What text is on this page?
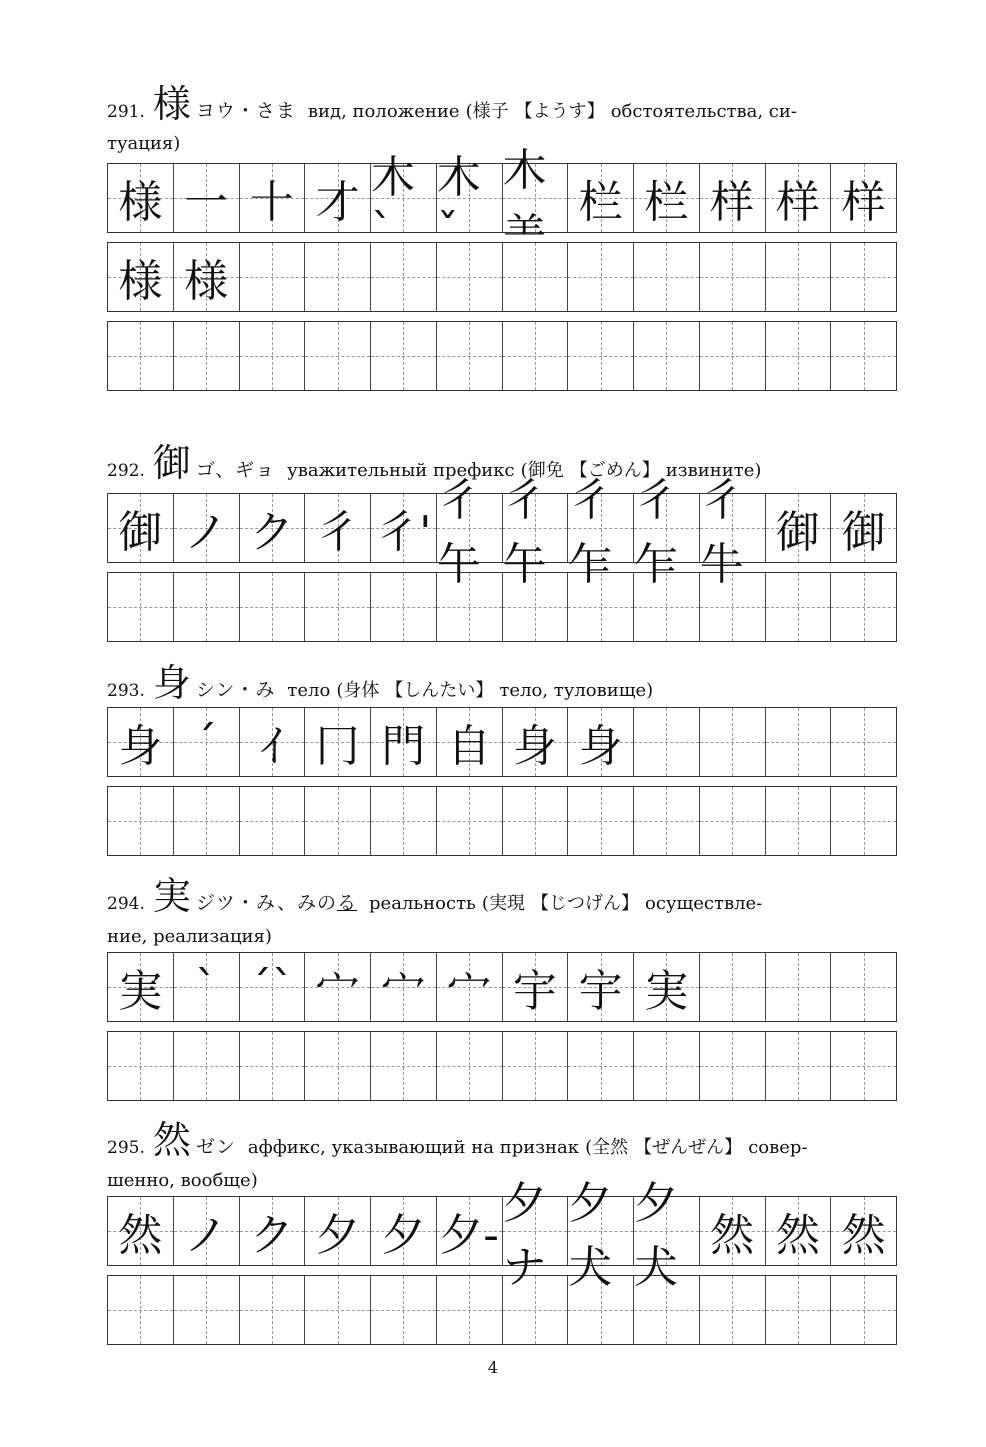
291. 様 ヨウ・さま вид, положение (様子 【ようす】 обстоятельства, си-
туация)
様 一 十 才 木`
木ˇ
木⺷
栏 栏 样 样 样
様 様
292. 御 ゴ、ギョ уважительный префикс (御免 【ごめん】 извините)
御 ノ ク 彳 彳'
彳午
彳午
彳乍
彳乍
彳牛
御 御
293. 身 シン・み тело (身体 【しんたい】 тело, туловище)
身 ˊ ｲ 冂 門 自 身 身
294. 実 ジツ・み、みのる реальность (実現 【じつげん】 осуществле-
ние, реализация)
実 ˋ ˊˋ 宀 宀 宀 宇 宇 実
295. 然 ゼン аффикс, указывающий на признак (全然 【ぜんぜん】 совер-
шенно, вообще)
然 ノ ク 夕 夕 夕-
夕ナ
夕犬
夕犬
然 然 然
4
